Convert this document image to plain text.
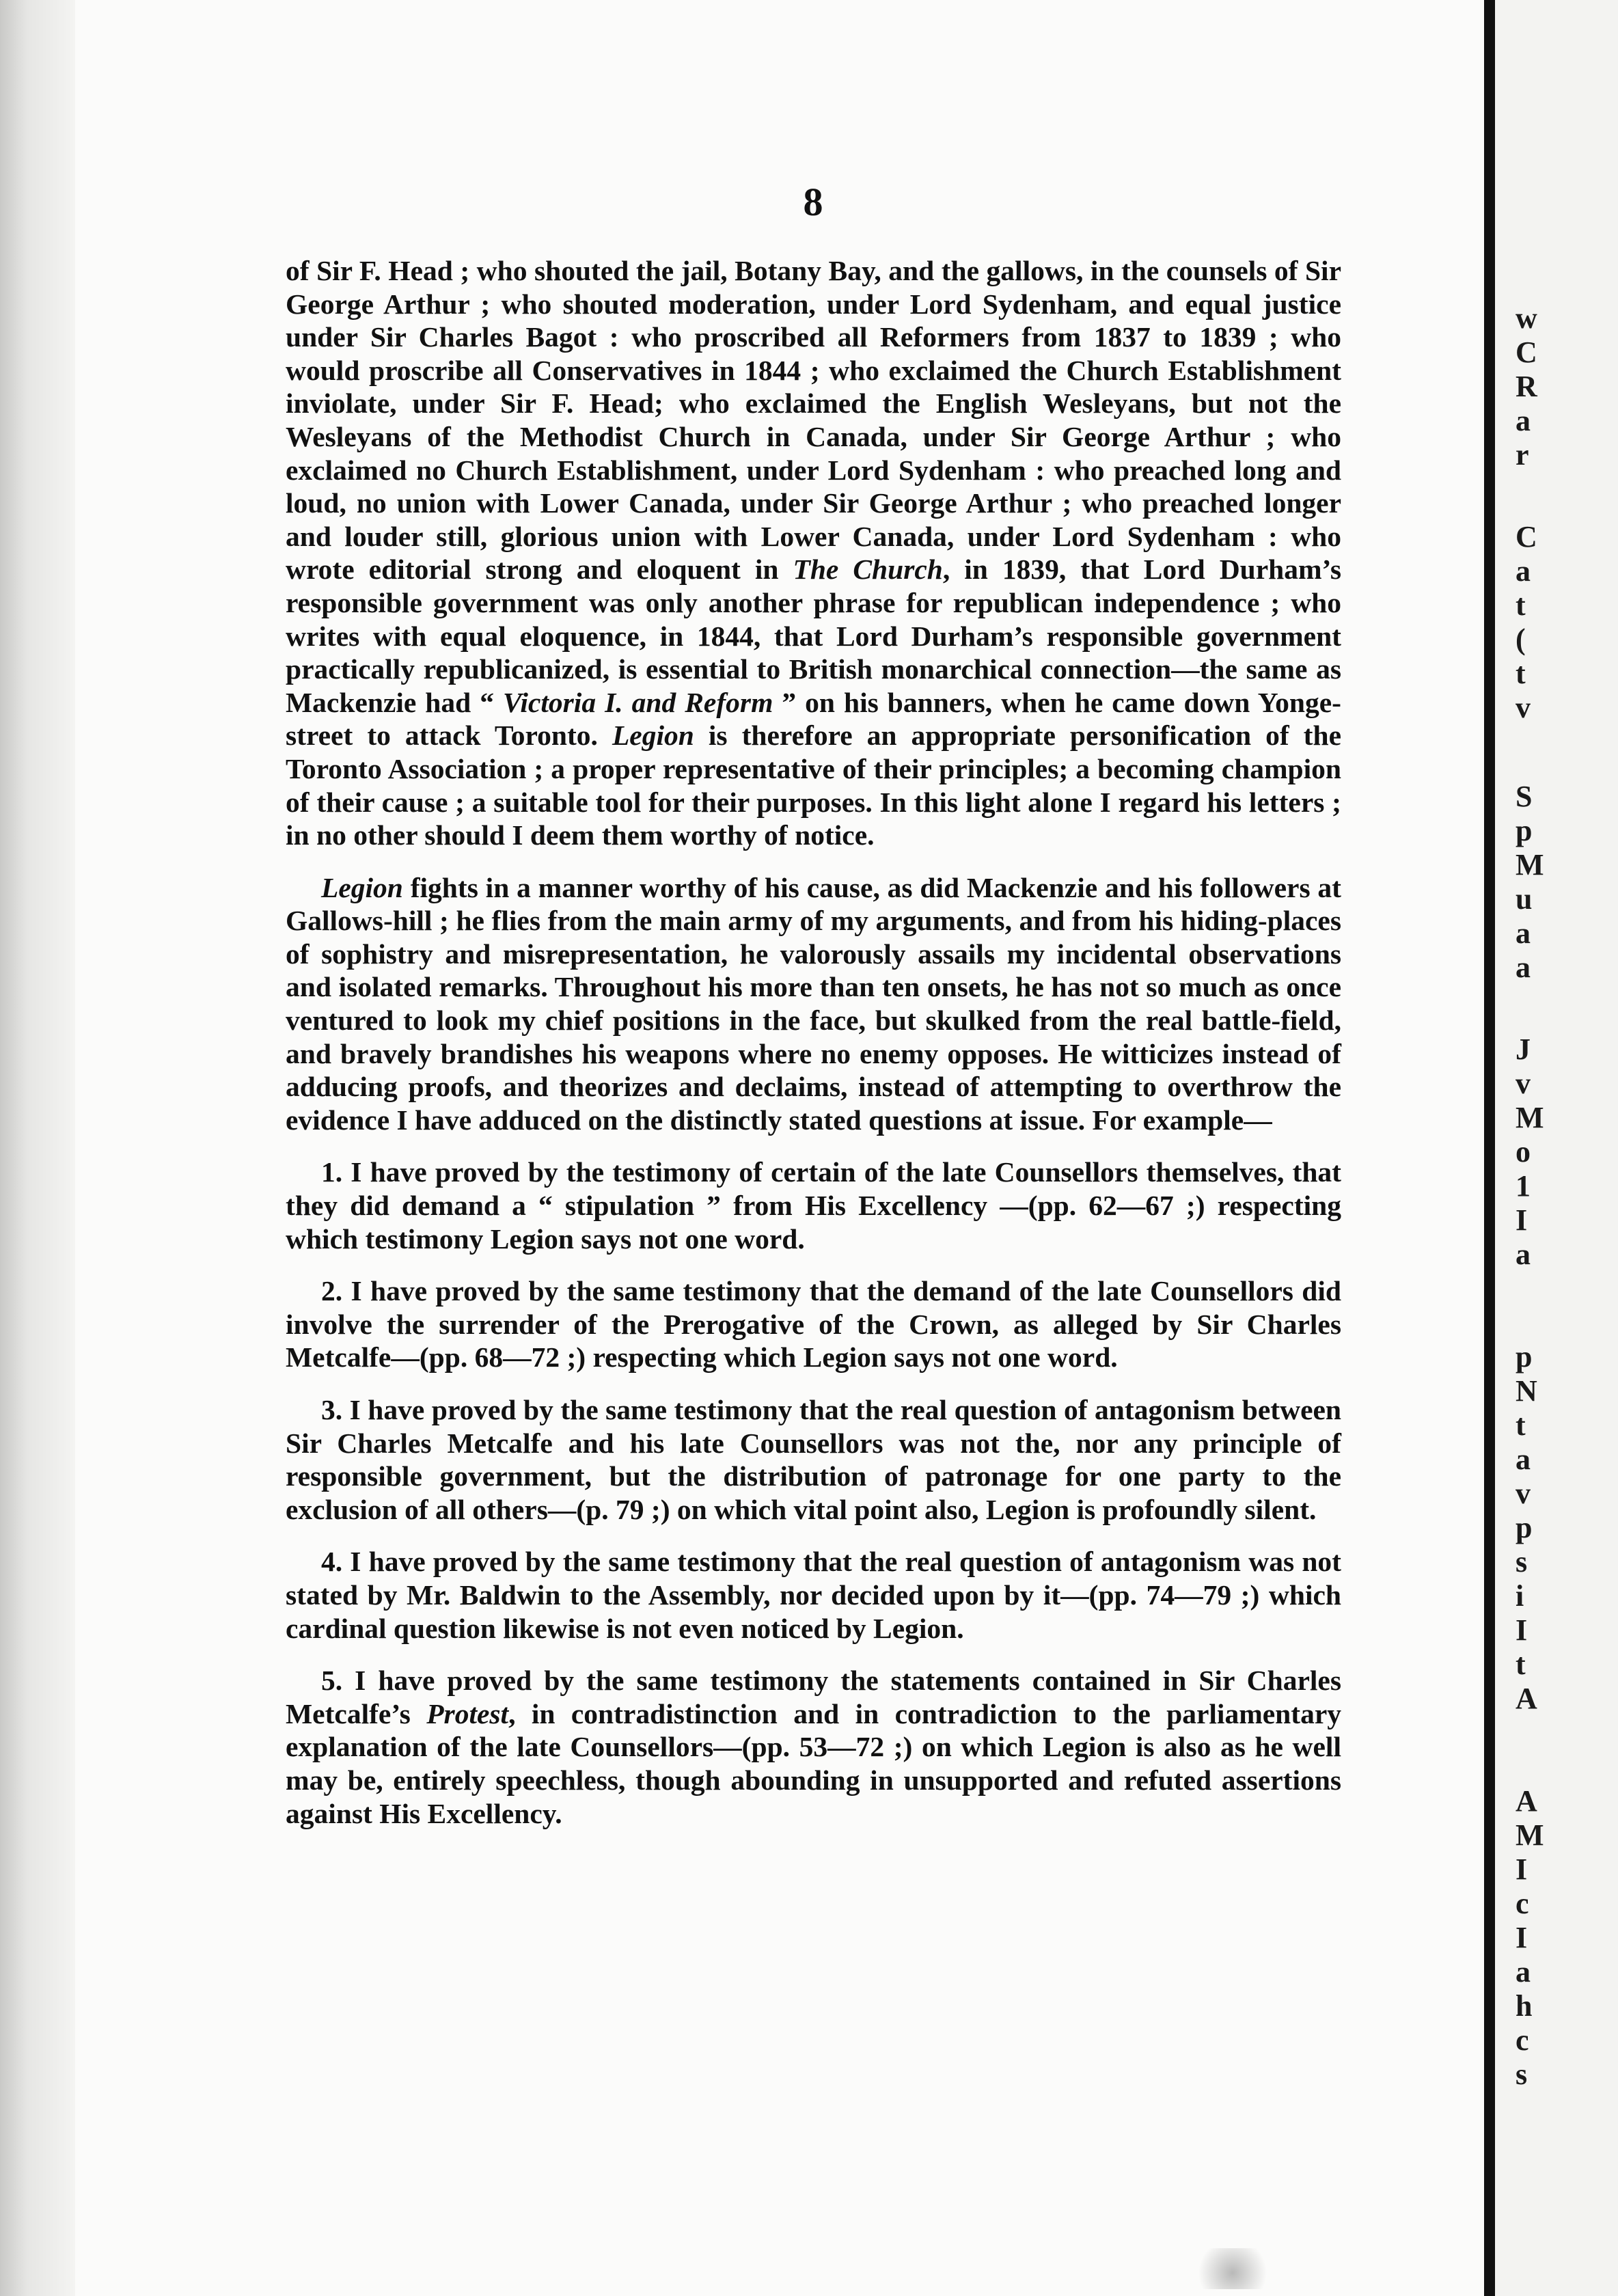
8

of Sir F. Head ; who shouted the jail, Botany Bay, and the gallows, in the counsels of Sir George Arthur ; who shouted moderation, under Lord Sydenham, and equal justice under Sir Charles Bagot : who proscribed all Reformers from 1837 to 1839 ; who would proscribe all Conservatives in 1844 ; who exclaimed the Church Establishment inviolate, under Sir F. Head; who exclaimed the English Wesleyans, but not the Wesleyans of the Methodist Church in Canada, under Sir George Arthur ; who exclaimed no Church Establishment, under Lord Sydenham : who preached long and loud, no union with Lower Canada, under Sir George Arthur ; who preached longer and louder still, glorious union with Lower Canada, under Lord Sydenham : who wrote editorial strong and eloquent in The Church, in 1839, that Lord Durham’s responsible government was only another phrase for republican independence ; who writes with equal eloquence, in 1844, that Lord Durham’s responsible government practically republicanized, is essential to British monarchical connection—the same as Mackenzie had “ Victoria I. and Reform ” on his banners, when he came down Yonge-street to attack Toronto. Legion is therefore an appropriate personification of the Toronto Association ; a proper representative of their principles; a becoming champion of their cause ; a suitable tool for their purposes. In this light alone I regard his letters ; in no other should I deem them worthy of notice.

Legion fights in a manner worthy of his cause, as did Mackenzie and his followers at Gallows-hill ; he flies from the main army of my arguments, and from his hiding-places of sophistry and misrepresentation, he valorously assails my incidental observations and isolated remarks. Throughout his more than ten onsets, he has not so much as once ventured to look my chief positions in the face, but skulked from the real battle-field, and bravely brandishes his weapons where no enemy opposes. He witticizes instead of adducing proofs, and theorizes and declaims, instead of attempting to overthrow the evidence I have adduced on the distinctly stated questions at issue. For example—

1. I have proved by the testimony of certain of the late Counsellors themselves, that they did demand a “ stipulation ” from His Excellency —(pp. 62—67 ;) respecting which testimony Legion says not one word.

2. I have proved by the same testimony that the demand of the late Counsellors did involve the surrender of the Prerogative of the Crown, as alleged by Sir Charles Metcalfe—(pp. 68—72 ;) respecting which Legion says not one word.

3. I have proved by the same testimony that the real question of antagonism between Sir Charles Metcalfe and his late Counsellors was not the, nor any principle of responsible government, but the distribution of patronage for one party to the exclusion of all others—(p. 79 ;) on which vital point also, Legion is profoundly silent.

4. I have proved by the same testimony that the real question of antagonism was not stated by Mr. Baldwin to the Assembly, nor decided upon by it—(pp. 74—79 ;) which cardinal question likewise is not even noticed by Legion.

5. I have proved by the same testimony the statements contained in Sir Charles Metcalfe’s Protest, in contradistinction and in contradiction to the parliamentary explanation of the late Counsellors—(pp. 53—72 ;) on which Legion is also as he well may be, entirely speechless, though abounding in unsupported and refuted assertions against His Excellency.

w
C
R
a
r
C
a
t
(
t
v
S
p
M
u
a
a
J
v
M
o
1
I
a
p
N
t
a
v
p
s
i
I
t
A
A
M
I
c
I
a
h
c
s
